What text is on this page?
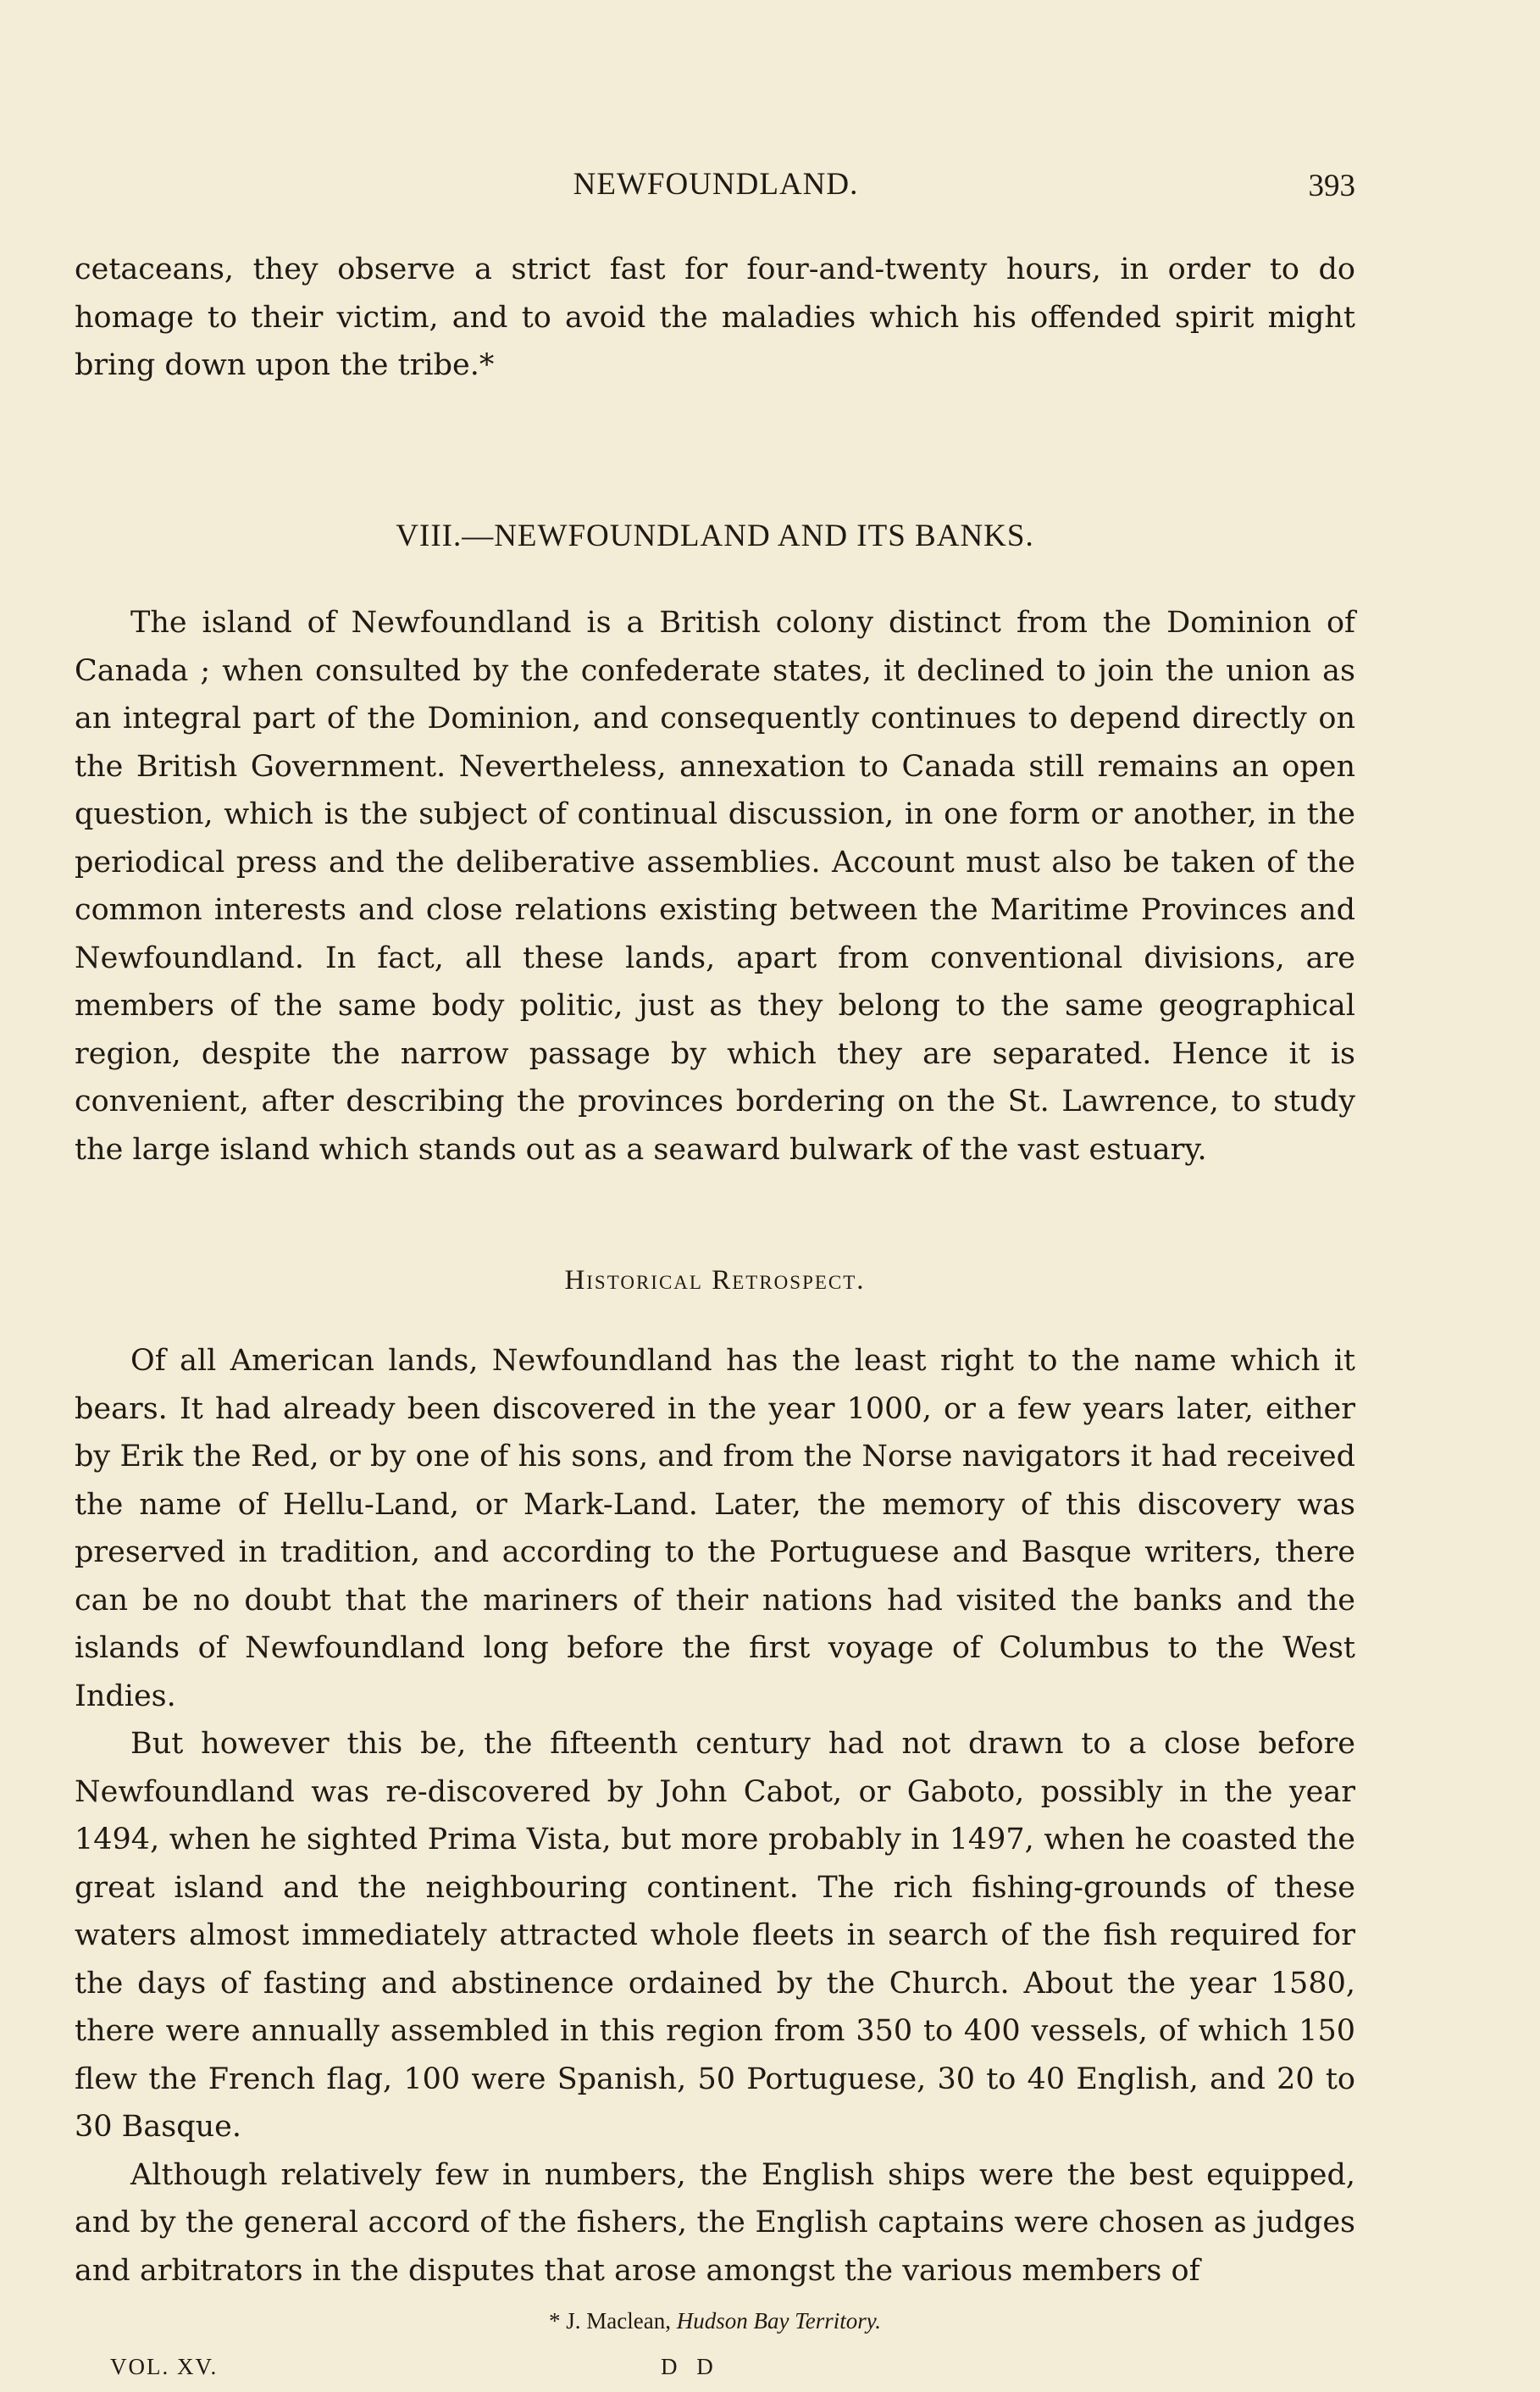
NEWFOUNDLAND.	393

cetaceans, they observe a strict fast for four-and-twenty hours, in order to do homage to their victim, and to avoid the maladies which his offended spirit might bring down upon the tribe.*

VIII.—NEWFOUNDLAND AND ITS BANKS.

The island of Newfoundland is a British colony distinct from the Dominion of Canada ; when consulted by the confederate states, it declined to join the union as an integral part of the Dominion, and consequently continues to depend directly on the British Government. Nevertheless, annexation to Canada still remains an open question, which is the subject of continual discussion, in one form or another, in the periodical press and the deliberative assemblies. Account must also be taken of the common interests and close relations existing between the Maritime Provinces and Newfoundland. In fact, all these lands, apart from conventional divisions, are members of the same body politic, just as they belong to the same geographical region, despite the narrow passage by which they are separated. Hence it is convenient, after describing the provinces bordering on the St. Lawrence, to study the large island which stands out as a seaward bulwark of the vast estuary.

Historical Retrospect.

Of all American lands, Newfoundland has the least right to the name which it bears. It had already been discovered in the year 1000, or a few years later, either by Erik the Red, or by one of his sons, and from the Norse navigators it had received the name of Hellu-Land, or Mark-Land. Later, the memory of this discovery was preserved in tradition, and according to the Portuguese and Basque writers, there can be no doubt that the mariners of their nations had visited the banks and the islands of Newfoundland long before the first voyage of Columbus to the West Indies.

But however this be, the fifteenth century had not drawn to a close before Newfoundland was re-discovered by John Cabot, or Gaboto, possibly in the year 1494, when he sighted Prima Vista, but more probably in 1497, when he coasted the great island and the neighbouring continent. The rich fishing-grounds of these waters almost immediately attracted whole fleets in search of the fish required for the days of fasting and abstinence ordained by the Church. About the year 1580, there were annually assembled in this region from 350 to 400 vessels, of which 150 flew the French flag, 100 were Spanish, 50 Portuguese, 30 to 40 English, and 20 to 30 Basque.

Although relatively few in numbers, the English ships were the best equipped, and by the general accord of the fishers, the English captains were chosen as judges and arbitrators in the disputes that arose amongst the various members of

* J. Maclean, Hudson Bay Territory.
VOL. XV.	D D
